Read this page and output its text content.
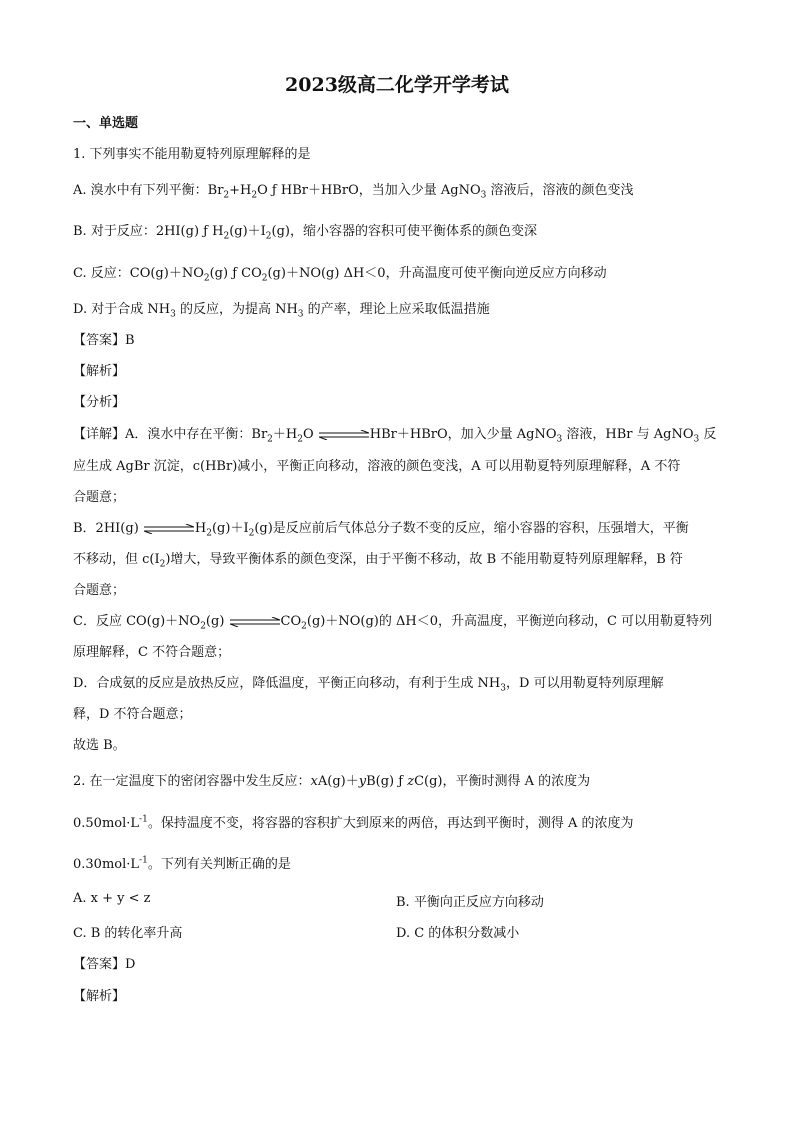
2023级高二化学开学考试
一、单选题
1. 下列事实不能用勒夏特列原理解释的是
A. 溴水中有下列平衡：$Br_2+H_2O$ ƒ HBr＋HBrO，当加入少量 AgNO$_3$ 溶液后，溶液的颜色变浅
B. 对于反应：2HI(g) ƒ $H_2(g)+I_2(g)$，缩小容器的容积可使平衡体系的颜色变深
C. 反应：$CO(g)+NO_2(g)$ ƒ $CO_2(g)+NO(g)$ ΔH＜0，升高温度可使平衡向逆反应方向移动
D. 对于合成 $NH_3$ 的反应，为提高 $NH_3$ 的产率，理论上应采取低温措施
【答案】B
【解析】
【分析】
【详解】A．溴水中存在平衡：$Br_2+H_2O$ ⇌HBr＋HBrO，加入少量 AgNO$_3$ 溶液，HBr 与 AgNO$_3$ 反
应生成 AgBr 沉淀，c(HBr)减小，平衡正向移动，溶液的颜色变浅，A 可以用勒夏特列原理解释，A 不符
合题意；
B．2HI(g) $\rightleftharpoons H_2(g)+I_2(g)$是反应前后气体总分子数不变的反应，缩小容器的容积，压强增大，平衡
不移动，但 $c(I_2)$增大，导致平衡体系的颜色变深，由于平衡不移动，故 B 不能用勒夏特列原理解释，B 符
合题意；
C．反应 $CO(g)+NO_2(g)$ $\rightleftharpoons CO_2(g)+NO(g)$的 ΔH＜0，升高温度，平衡逆向移动，C 可以用勒夏特列
原理解释，C 不符合题意；
D．合成氨的反应是放热反应，降低温度，平衡正向移动，有利于生成 $NH_3$，D 可以用勒夏特列原理解
释，D 不符合题意；
故选 B。
2. 在一定温度下的密闭容器中发生反应：xA(g)＋yB(g) ƒ zC(g)，平衡时测得 A 的浓度为
$0.50mol\cdot L^{-1}$。保持温度不变，将容器的容积扩大到原来的两倍，再达到平衡时，测得 A 的浓度为
$0.30mol\cdot L^{-1}$。下列有关判断正确的是
A. x + y < z	B. 平衡向正反应方向移动
C. B 的转化率升高	D. C 的体积分数减小
【答案】D
【解析】
